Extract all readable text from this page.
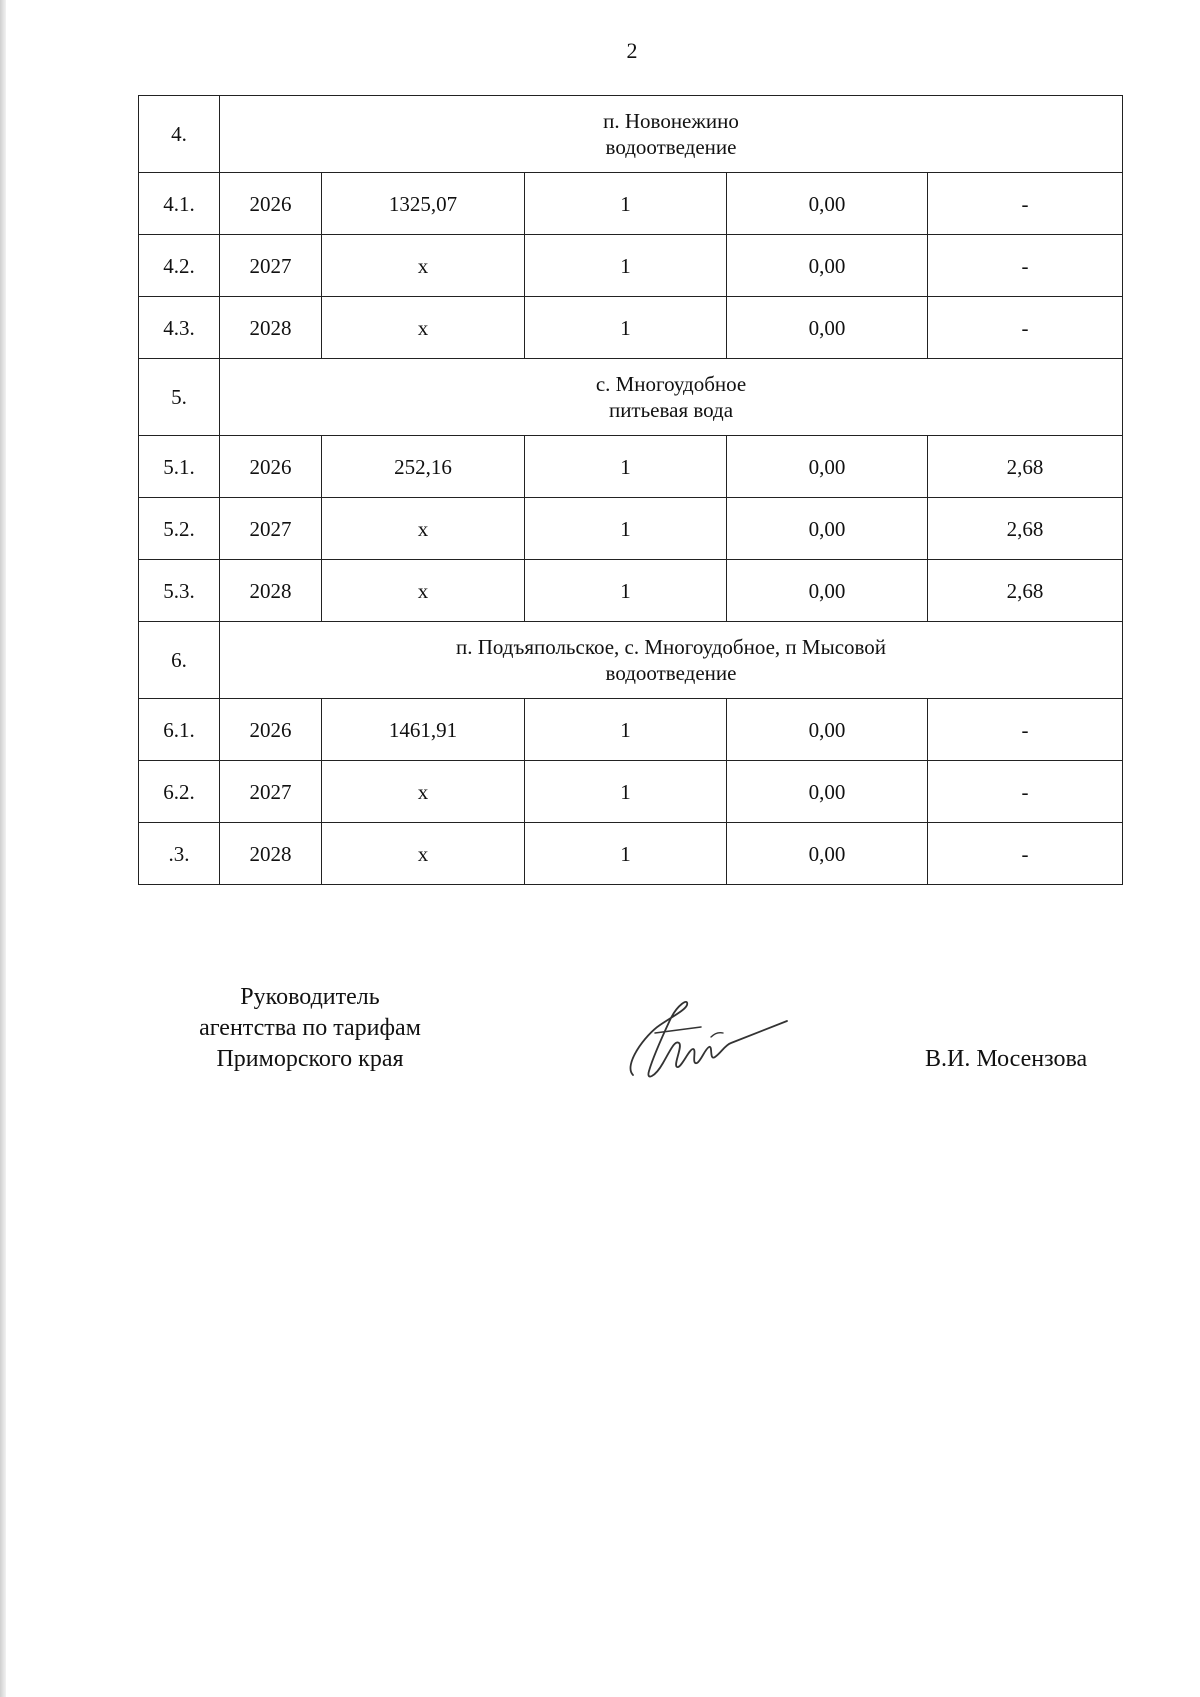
2
4.	п. Новонежино
водоотведение				

4.1.	2026	1325,07	1	0,00	-
4.2.	2027	х	1	0,00	-
4.3.	2028	х	1	0,00	-
5.	с. Многоудобное
питьевая вода				

5.1.	2026	252,16	1	0,00	2,68
5.2.	2027	х	1	0,00	2,68
5.3.	2028	х	1	0,00	2,68
6.	п. Подъяпольское, с. Многоудобное, п Мысовой
водоотведение				

6.1.	2026	1461,91	1	0,00	-
6.2.	2027	х	1	0,00	-
.3.	2028	х	1	0,00	-
Руководитель
агентства по тарифам
Приморского края	В.И. Мосензова
